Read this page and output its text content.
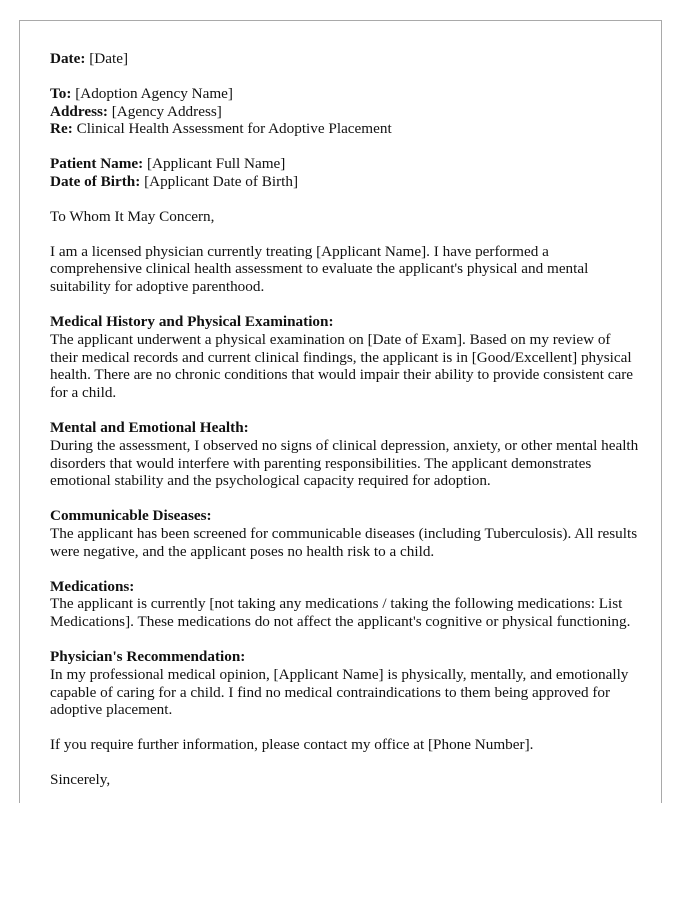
Date: [Date]

To: [Adoption Agency Name]

Address: [Agency Address]

Re: Clinical Health Assessment for Adoptive Placement

Patient Name: [Applicant Full Name]

Date of Birth: [Applicant Date of Birth]

To Whom It May Concern,

I am a licensed physician currently treating [Applicant Name]. I have performed a comprehensive clinical health assessment to evaluate the applicant's physical and mental suitability for adoptive parenthood.

Medical History and Physical Examination:

The applicant underwent a physical examination on [Date of Exam]. Based on my review of their medical records and current clinical findings, the applicant is in [Good/Excellent] physical health. There are no chronic conditions that would impair their ability to provide consistent care for a child.

Mental and Emotional Health:

During the assessment, I observed no signs of clinical depression, anxiety, or other mental health disorders that would interfere with parenting responsibilities. The applicant demonstrates emotional stability and the psychological capacity required for adoption.

Communicable Diseases:

The applicant has been screened for communicable diseases (including Tuberculosis). All results were negative, and the applicant poses no health risk to a child.

Medications:

The applicant is currently [not taking any medications / taking the following medications: List Medications]. These medications do not affect the applicant's cognitive or physical functioning.

Physician's Recommendation:

In my professional medical opinion, [Applicant Name] is physically, mentally, and emotionally capable of caring for a child. I find no medical contraindications to them being approved for adoptive placement.

If you require further information, please contact my office at [Phone Number].

Sincerely,
